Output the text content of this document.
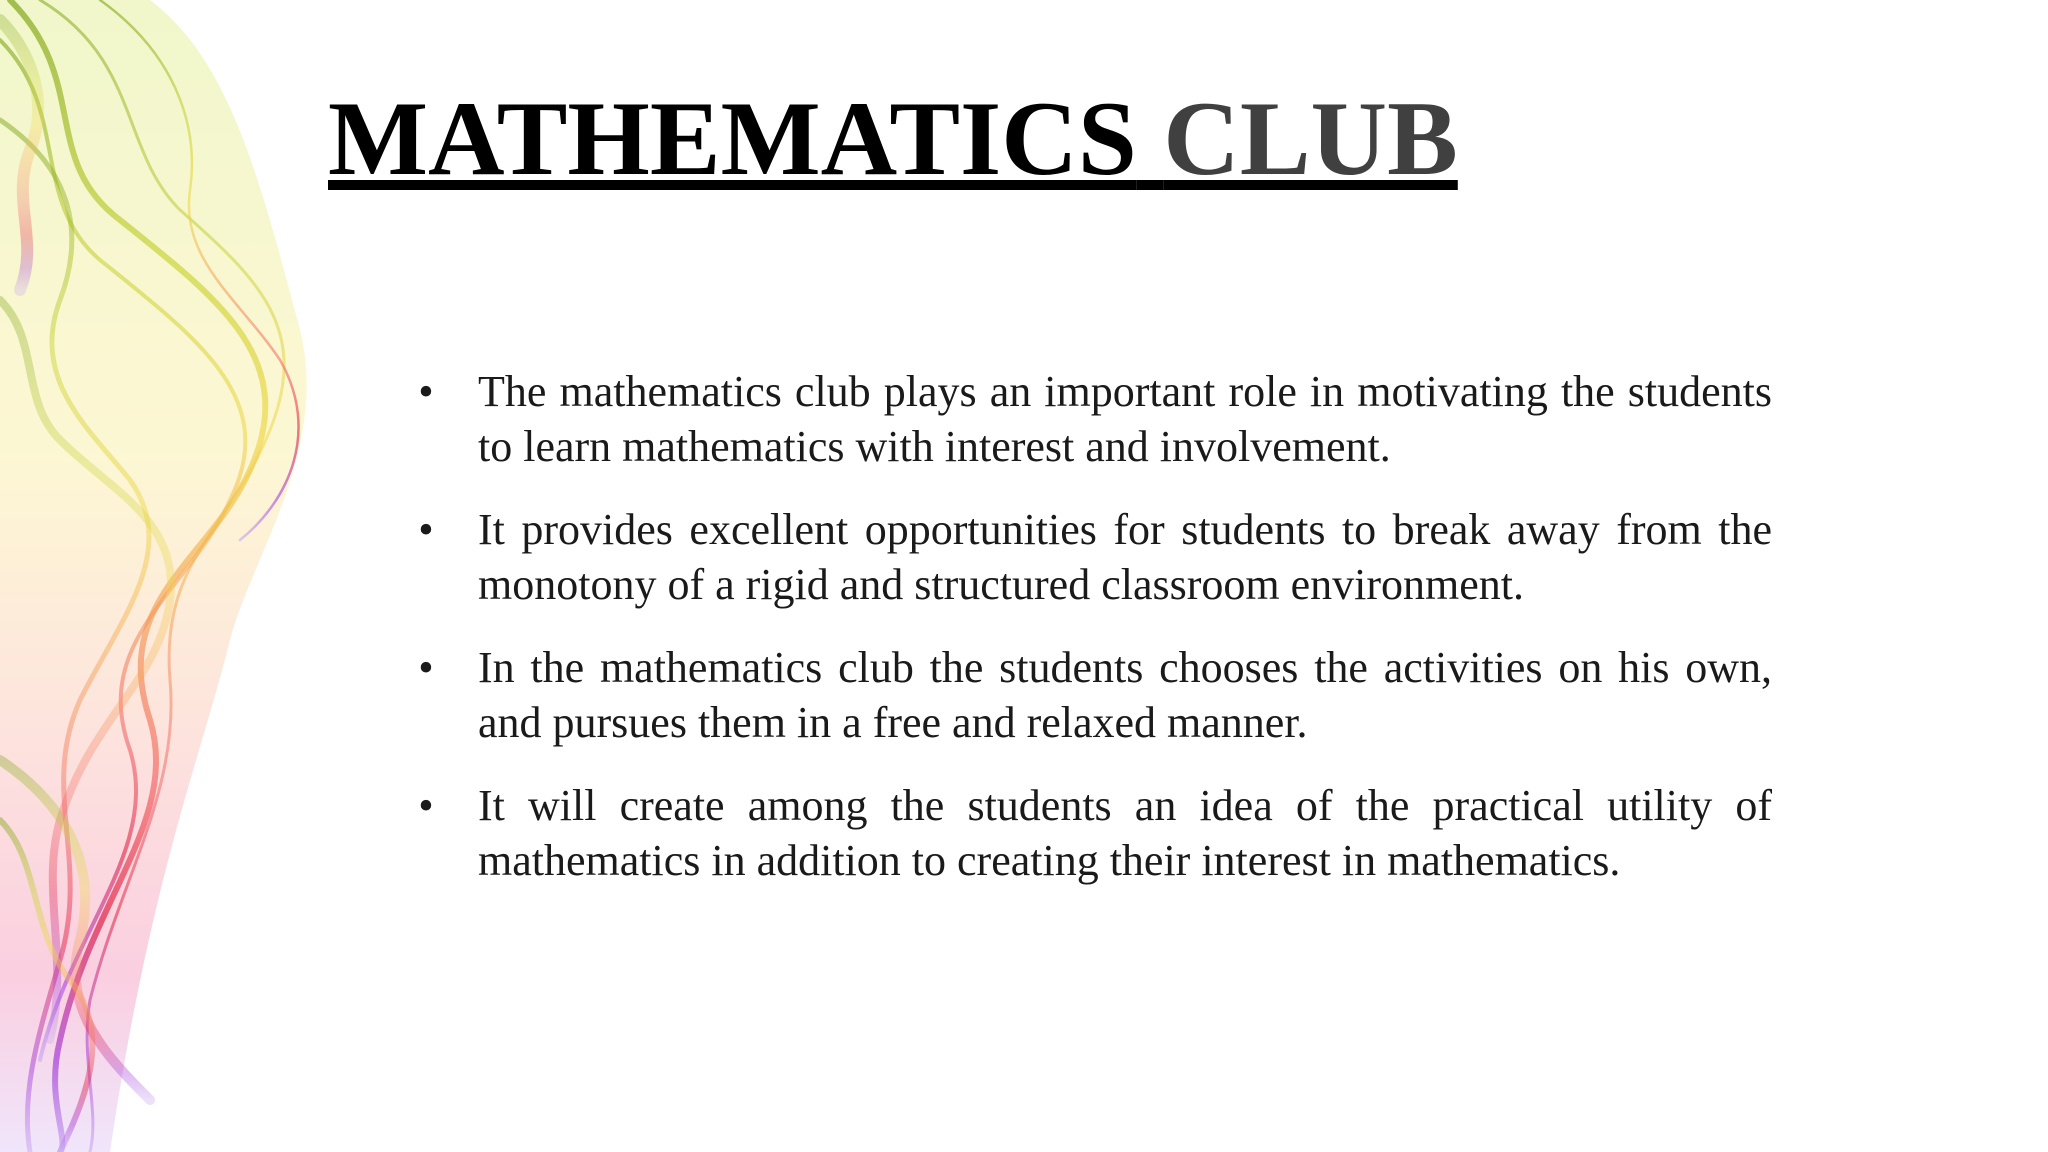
MATHEMATICS CLUB
• The mathematics club plays an important role in motivating the students to learn mathematics with interest and involvement.
• It provides excellent opportunities for students to break away from the monotony of a rigid and structured classroom environment.
• In the mathematics club the students chooses the activities on his own, and pursues them in a free and relaxed manner.
• It will create among the students an idea of the practical utility of mathematics in addition to creating their interest in mathematics.
